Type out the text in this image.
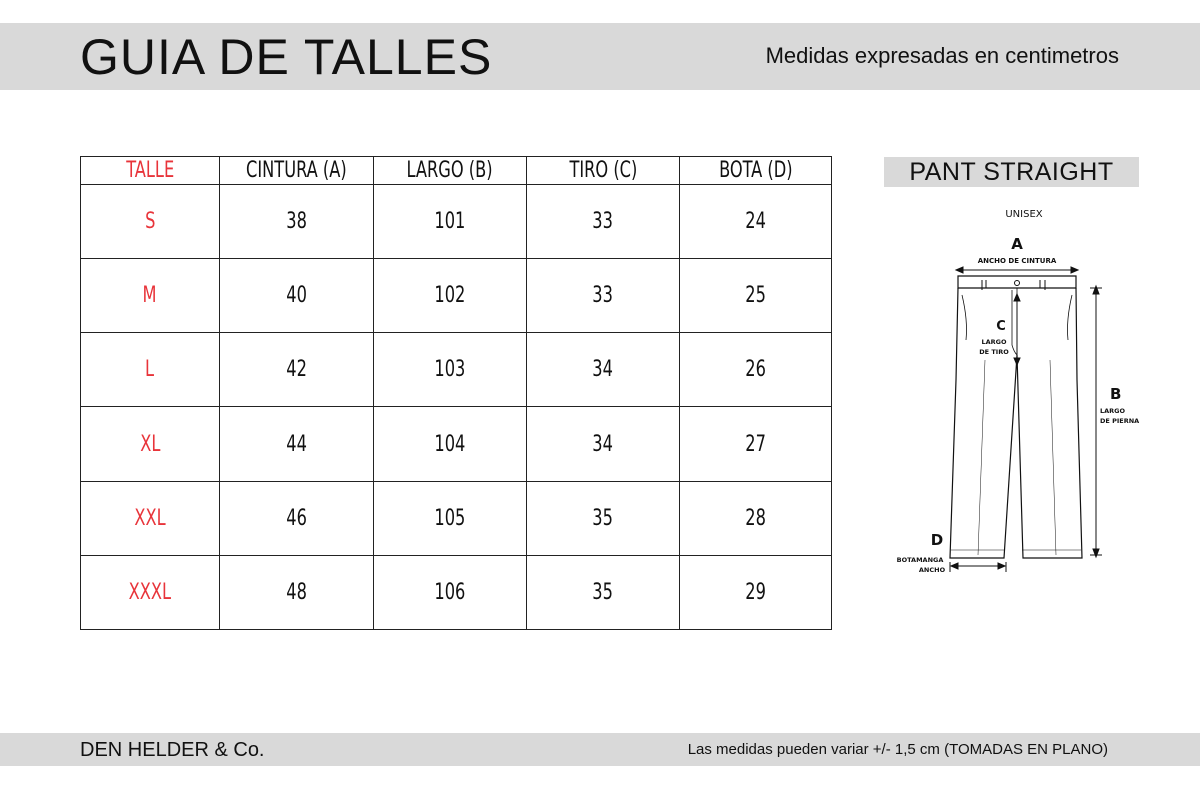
GUIA DE TALLES	Medidas expresadas en centimetros
TALLE	CINTURA (A)	LARGO (B)	TIRO (C)	BOTA (D)
S	38	101	33	24
M	40	102	33	25
L	42	103	34	26
XL	44	104	34	27
XXL	46	105	35	28
XXXL	48	106	35	29
PANT STRAIGHT
UNISEX
A
ANCHO DE CINTURA
C
LARGO
DE TIRO
B
LARGO
DE PIERNA
D
BOTAMANGA
ANCHO
DEN HELDER & Co.	Las medidas pueden variar +/- 1,5 cm (TOMADAS EN PLANO)
